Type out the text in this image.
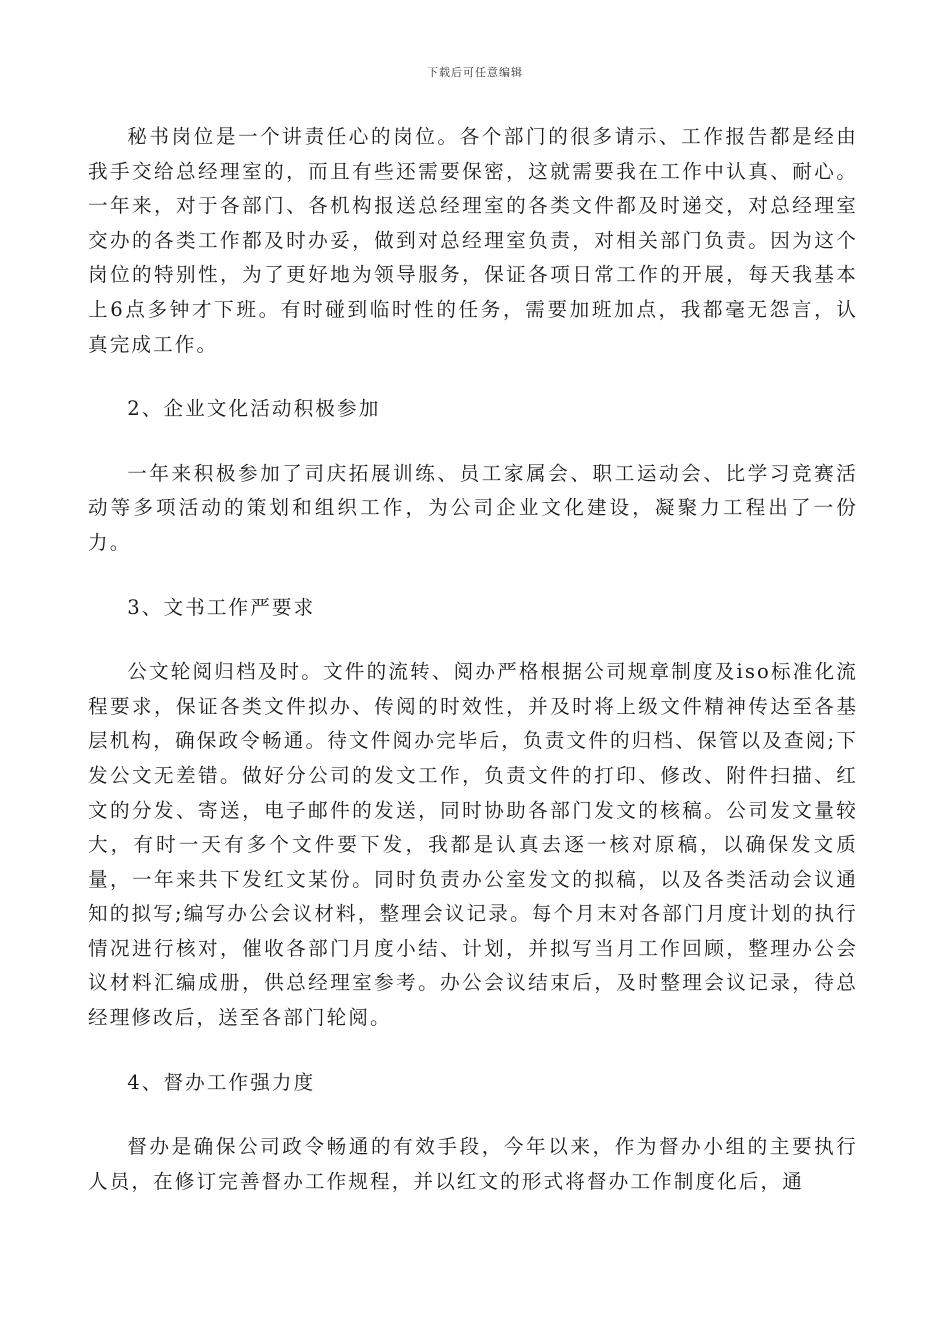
下载后可任意编辑

秘书岗位是一个讲责任心的岗位。各个部门的很多请示、工作报告都是经由我手交给总经理室的，而且有些还需要保密，这就需要我在工作中认真、耐心。一年来，对于各部门、各机构报送总经理室的各类文件都及时递交，对总经理室交办的各类工作都及时办妥，做到对总经理室负责，对相关部门负责。因为这个岗位的特别性，为了更好地为领导服务，保证各项日常工作的开展，每天我基本上6点多钟才下班。有时碰到临时性的任务，需要加班加点，我都毫无怨言，认真完成工作。

2、企业文化活动积极参加

一年来积极参加了司庆拓展训练、员工家属会、职工运动会、比学习竞赛活动等多项活动的策划和组织工作，为公司企业文化建设，凝聚力工程出了一份力。

3、文书工作严要求

公文轮阅归档及时。文件的流转、阅办严格根据公司规章制度及iso标准化流程要求，保证各类文件拟办、传阅的时效性，并及时将上级文件精神传达至各基层机构，确保政令畅通。待文件阅办完毕后，负责文件的归档、保管以及查阅;下发公文无差错。做好分公司的发文工作，负责文件的打印、修改、附件扫描、红文的分发、寄送，电子邮件的发送，同时协助各部门发文的核稿。公司发文量较大，有时一天有多个文件要下发，我都是认真去逐一核对原稿，以确保发文质量，一年来共下发红文某份。同时负责办公室发文的拟稿，以及各类活动会议通知的拟写;编写办公会议材料，整理会议记录。每个月末对各部门月度计划的执行情况进行核对，催收各部门月度小结、计划，并拟写当月工作回顾，整理办公会议材料汇编成册，供总经理室参考。办公会议结束后，及时整理会议记录，待总经理修改后，送至各部门轮阅。

4、督办工作强力度

督办是确保公司政令畅通的有效手段，今年以来，作为督办小组的主要执行人员，在修订完善督办工作规程，并以红文的形式将督办工作制度化后，通
